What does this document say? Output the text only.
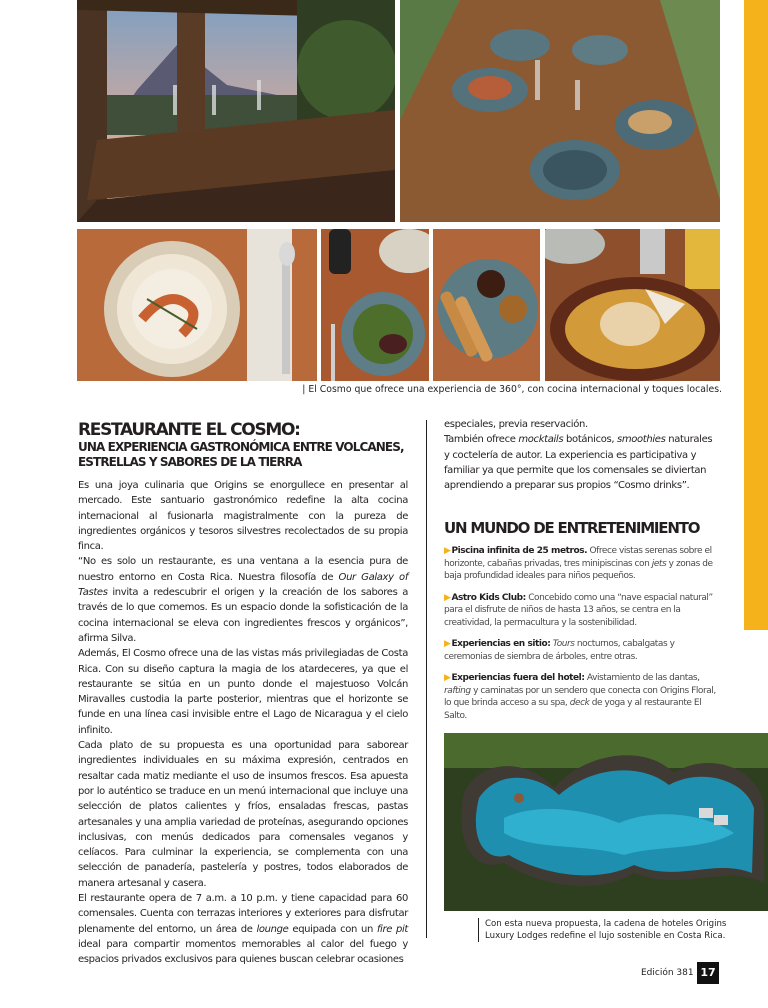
| El Cosmo que ofrece una experiencia de 360°, con cocina internacional y toques locales.
RESTAURANTE EL COSMO:
UNA EXPERIENCIA GASTRONÓMICA ENTRE VOLCANES,
ESTRELLAS Y SABORES DE LA TIERRA

Es una joya culinaria que Origins se enorgullece en presentar al mercado. Este santuario gastronómico redefine la alta cocina internacional al fusionarla magistralmente con la pureza de ingredientes orgánicos y tesoros silvestres recolectados de su propia finca.

“No es solo un restaurante, es una ventana a la esencia pura de nuestro entorno en Costa Rica. Nuestra filosofía de Our Galaxy of Tastes invita a redescubrir el origen y la creación de los sabores a través de lo que comemos. Es un espacio donde la sofisticación de la cocina internacional se eleva con ingredientes frescos y orgánicos”, afirma Silva.

Además, El Cosmo ofrece una de las vistas más privilegiadas de Costa Rica. Con su diseño captura la magia de los atardeceres, ya que el restaurante se sitúa en un punto donde el majestuoso Volcán Miravalles custodia la parte posterior, mientras que el horizonte se funde en una línea casi invisible entre el Lago de Nicaragua y el cielo infinito.

Cada plato de su propuesta es una oportunidad para saborear ingredientes individuales en su máxima expresión, centrados en resaltar cada matiz mediante el uso de insumos frescos. Esa apuesta por lo auténtico se traduce en un menú internacional que incluye una selección de platos calientes y fríos, ensaladas frescas, pastas artesanales y una amplia variedad de proteínas, asegurando opciones inclusivas, con menús dedicados para comensales veganos y celíacos. Para culminar la experiencia, se complementa con una selección de panadería, pastelería y postres, todos elaborados de manera artesanal y casera.

El restaurante opera de 7 a.m. a 10 p.m. y tiene capacidad para 60 comensales. Cuenta con terrazas interiores y exteriores para disfrutar plenamente del entorno, un área de lounge equipada con un fire pit ideal para compartir momentos memorables al calor del fuego y espacios privados exclusivos para quienes buscan celebrar ocasiones

especiales, previa reservación.

También ofrece mocktails botánicos, smoothies naturales y coctelería de autor. La experiencia es participativa y familiar ya que permite que los comensales se diviertan aprendiendo a preparar sus propios “Cosmo drinks”.

UN MUNDO DE ENTRETENIMIENTO

▶Piscina infinita de 25 metros. Ofrece vistas serenas sobre el horizonte, cabañas privadas, tres minipiscinas con jets y zonas de baja profundidad ideales para niños pequeños.

▶Astro Kids Club: Concebido como una “nave espacial natural” para el disfrute de niños de hasta 13 años, se centra en la creatividad, la permacultura y la sostenibilidad.

▶Experiencias en sitio: Tours nocturnos, cabalgatas y ceremonias de siembra de árboles, entre otras.

▶Experiencias fuera del hotel: Avistamiento de las dantas, rafting y caminatas por un sendero que conecta con Origins Floral, lo que brinda acceso a su spa, deck de yoga y al restaurante El Salto.

Con esta nueva propuesta, la cadena de hoteles Origins Luxury Lodges redefine el lujo sostenible en Costa Rica.
Edición 381 17
